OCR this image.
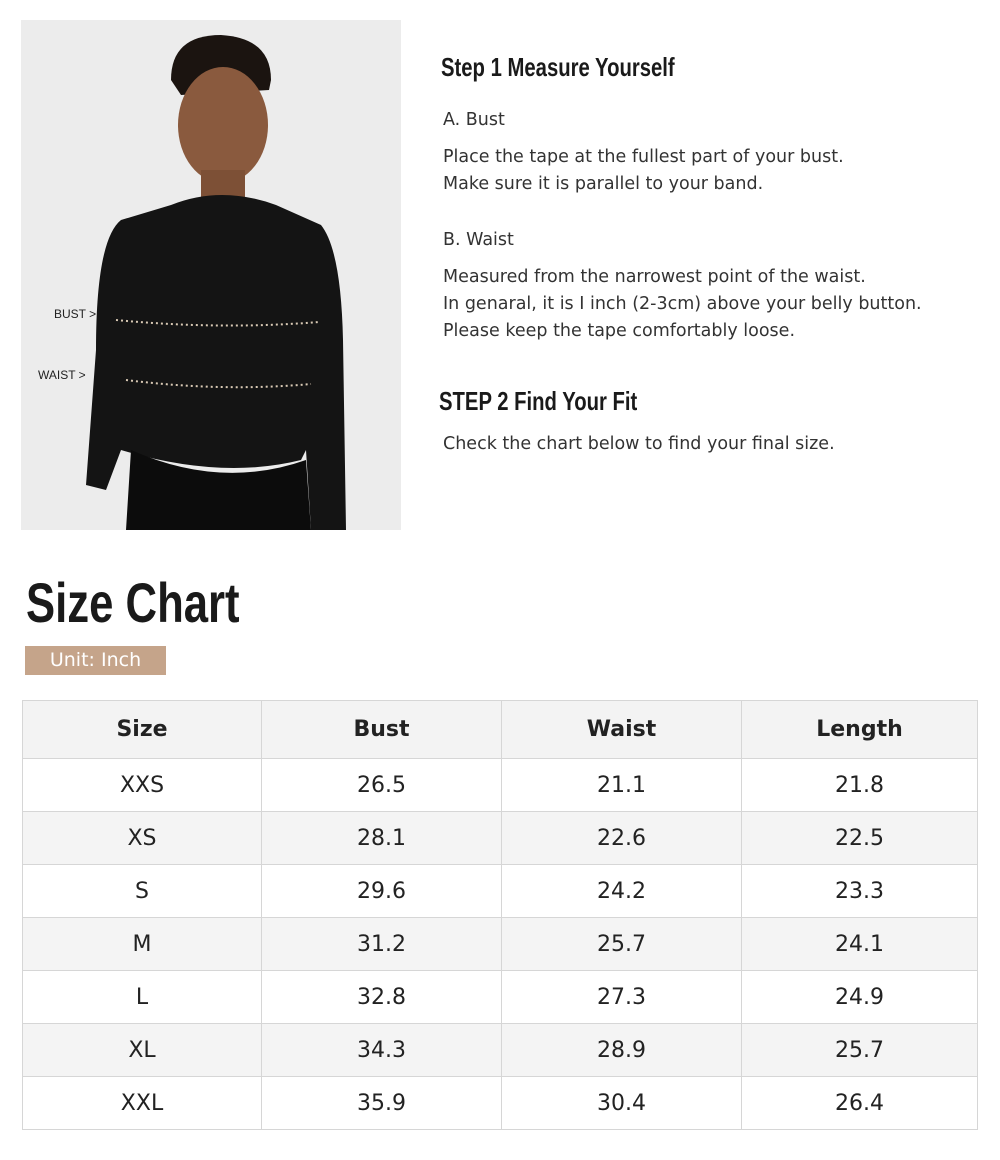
BUST >
WAIST >
Step 1 Measure Yourself
A. Bust
Place the tape at the fullest part of your bust.
Make sure it is parallel to your band.
B. Waist
Measured from the narrowest point of the waist.
In genaral, it is I inch (2-3cm) above your belly button.
Please keep the tape comfortably loose.
STEP 2 Find Your Fit
Check the chart below to find your final size.
Size Chart
Unit: Inch
Size	Bust	Waist	Length
XXS	26.5	21.1	21.8
XS	28.1	22.6	22.5
S	29.6	24.2	23.3
M	31.2	25.7	24.1
L	32.8	27.3	24.9
XL	34.3	28.9	25.7
XXL	35.9	30.4	26.4
